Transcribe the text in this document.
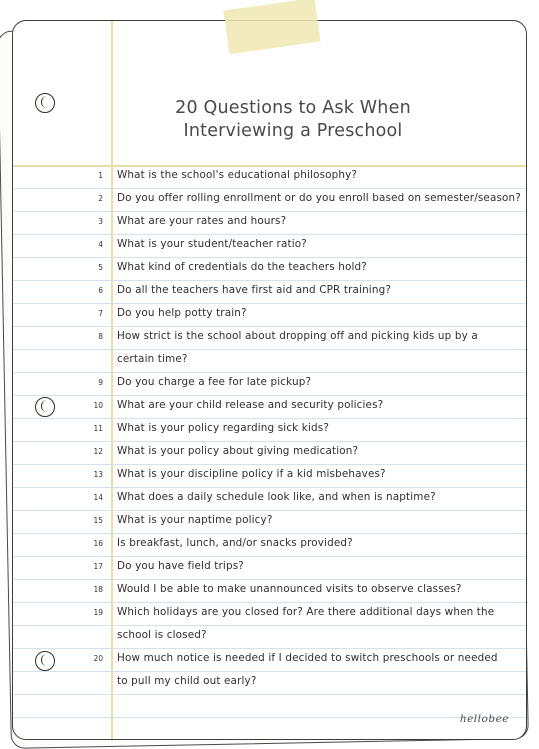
20 Questions to Ask When
Interviewing a Preschool
1 What is the school's educational philosophy?
2 Do you offer rolling enrollment or do you enroll based on semester/season?
3 What are your rates and hours?
4 What is your student/teacher ratio?
5 What kind of credentials do the teachers hold?
6 Do all the teachers have first aid and CPR training?
7 Do you help potty train?
8 How strict is the school about dropping off and picking kids up by a
certain time?
9 Do you charge a fee for late pickup?
10 What are your child release and security policies?
11 What is your policy regarding sick kids?
12 What is your policy about giving medication?
13 What is your discipline policy if a kid misbehaves?
14 What does a daily schedule look like, and when is naptime?
15 What is your naptime policy?
16 Is breakfast, lunch, and/or snacks provided?
17 Do you have field trips?
18 Would I be able to make unannounced visits to observe classes?
19 Which holidays are you closed for? Are there additional days when the
school is closed?
20 How much notice is needed if I decided to switch preschools or needed
to pull my child out early?
hellobee
